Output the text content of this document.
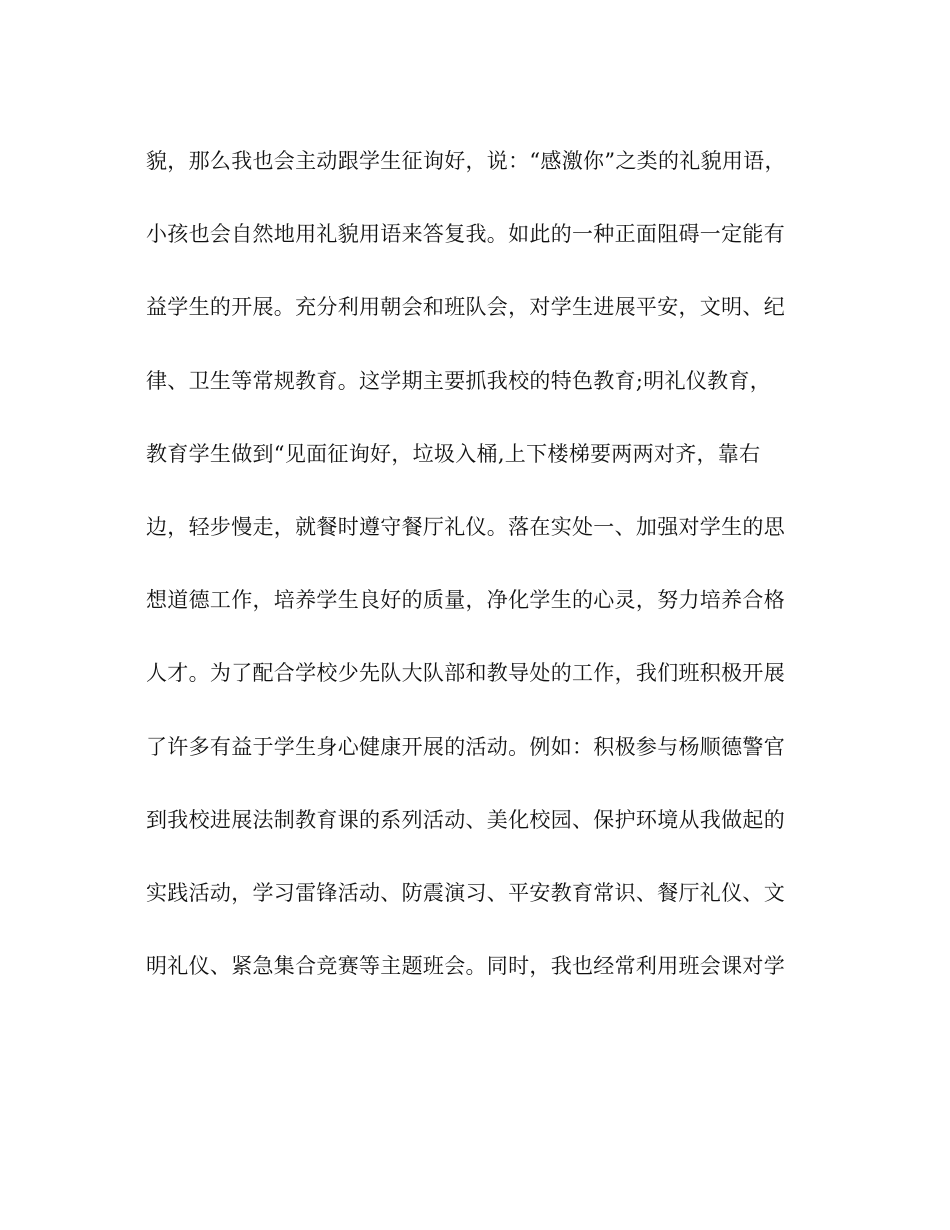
貌，那么我也会主动跟学生征询好，说：“感激你”之类的礼貌用语，
小孩也会自然地用礼貌用语来答复我。如此的一种正面阻碍一定能有
益学生的开展。充分利用朝会和班队会，对学生进展平安，文明、纪
律、卫生等常规教育。这学期主要抓我校的特色教育;明礼仪教育，
教育学生做到“见面征询好，垃圾入桶,上下楼梯要两两对齐，靠右
边，轻步慢走，就餐时遵守餐厅礼仪。落在实处一、加强对学生的思
想道德工作，培养学生良好的质量，净化学生的心灵，努力培养合格
人才。为了配合学校少先队大队部和教导处的工作，我们班积极开展
了许多有益于学生身心健康开展的活动。例如：积极参与杨顺德警官
到我校进展法制教育课的系列活动、美化校园、保护环境从我做起的
实践活动，学习雷锋活动、防震演习、平安教育常识、餐厅礼仪、文
明礼仪、紧急集合竞赛等主题班会。同时，我也经常利用班会课对学
